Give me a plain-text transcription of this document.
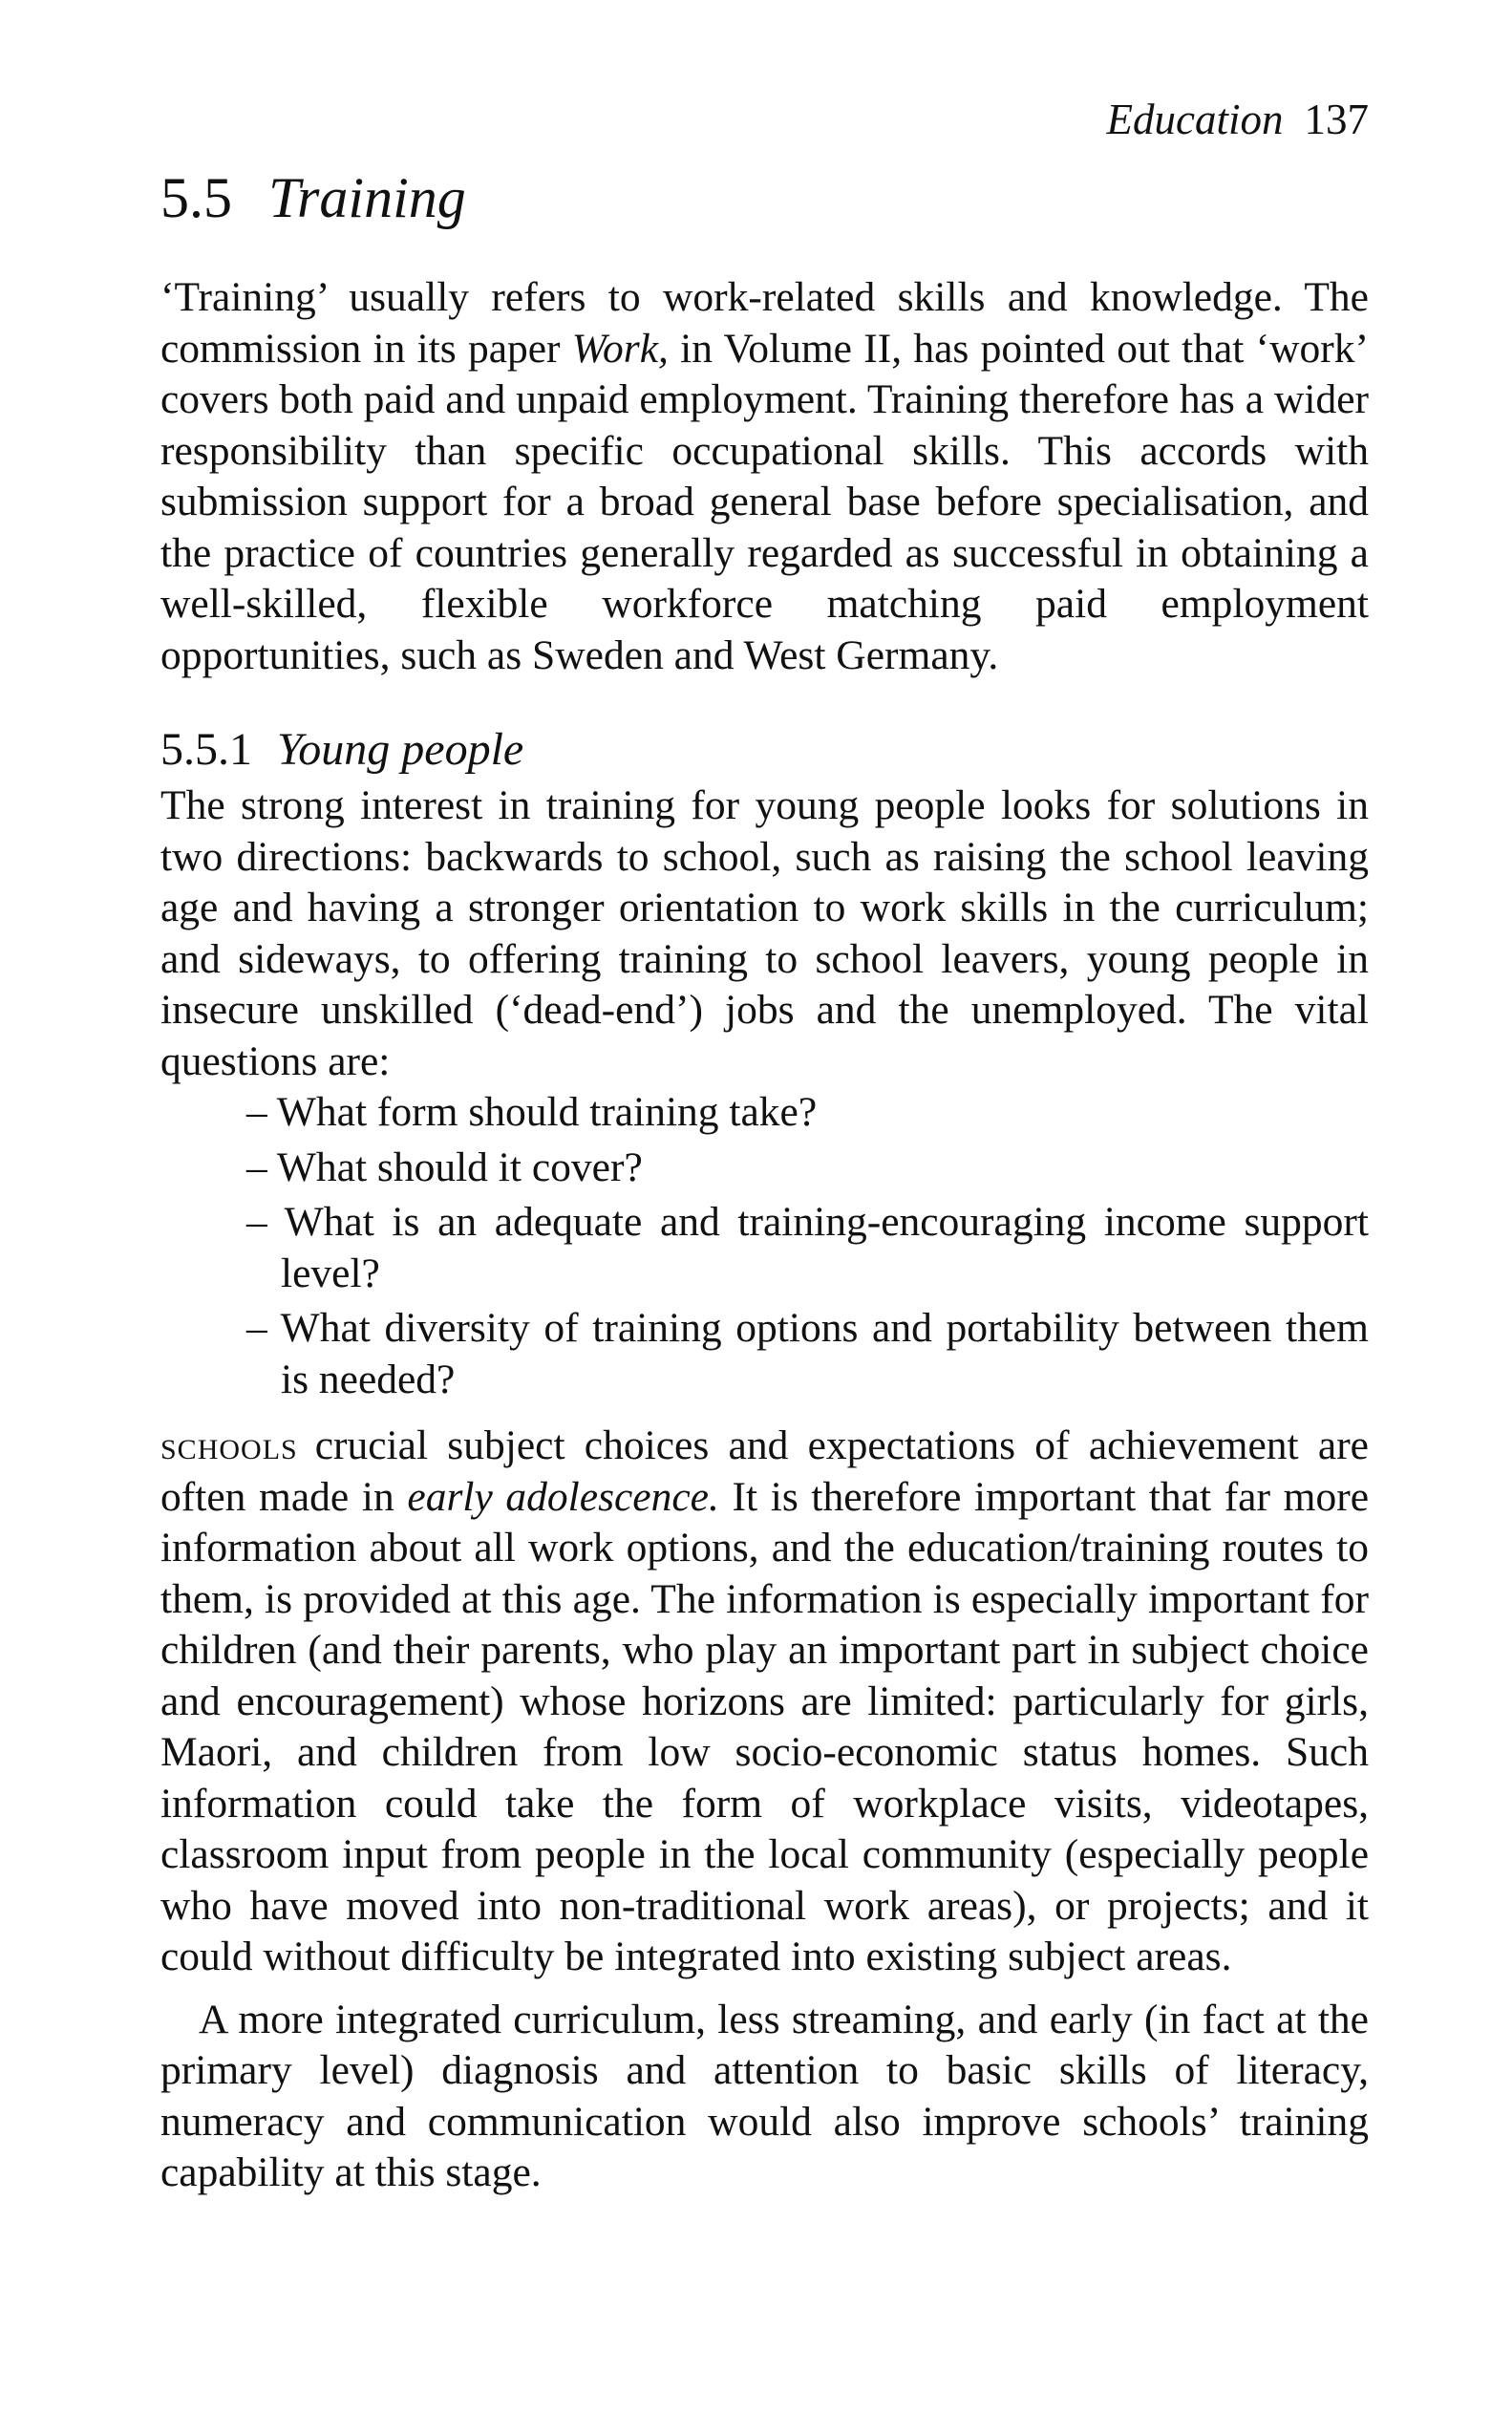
Education 137
5.5 Training

‘Training’ usually refers to work-related skills and knowledge. The commission in its paper Work, in Volume II, has pointed out that ‘work’ covers both paid and unpaid employment. Training therefore has a wider responsibility than specific occupational skills. This accords with submission support for a broad general base before specialisation, and the practice of countries generally regarded as successful in obtaining a well-skilled, flexible workforce matching paid employment opportunities, such as Sweden and West Germany.

5.5.1 Young people

The strong interest in training for young people looks for solutions in two directions: backwards to school, such as raising the school leaving age and having a stronger orientation to work skills in the curriculum; and sideways, to offering training to school leavers, young people in insecure unskilled (‘dead-end’) jobs and the unemployed. The vital questions are:

– What form should training take?
– What should it cover?
– What is an adequate and training-encouraging income support level?
– What diversity of training options and portability between them is needed?

schools crucial subject choices and expectations of achievement are often made in early adolescence. It is therefore important that far more information about all work options, and the education/training routes to them, is provided at this age. The information is especially important for children (and their parents, who play an important part in subject choice and encouragement) whose horizons are limited: particularly for girls, Maori, and children from low socio-economic status homes. Such information could take the form of workplace visits, videotapes, classroom input from people in the local community (especially people who have moved into non-traditional work areas), or projects; and it could without difficulty be integrated into existing subject areas.

A more integrated curriculum, less streaming, and early (in fact at the primary level) diagnosis and attention to basic skills of literacy, numeracy and communication would also improve schools’ training capability at this stage.
